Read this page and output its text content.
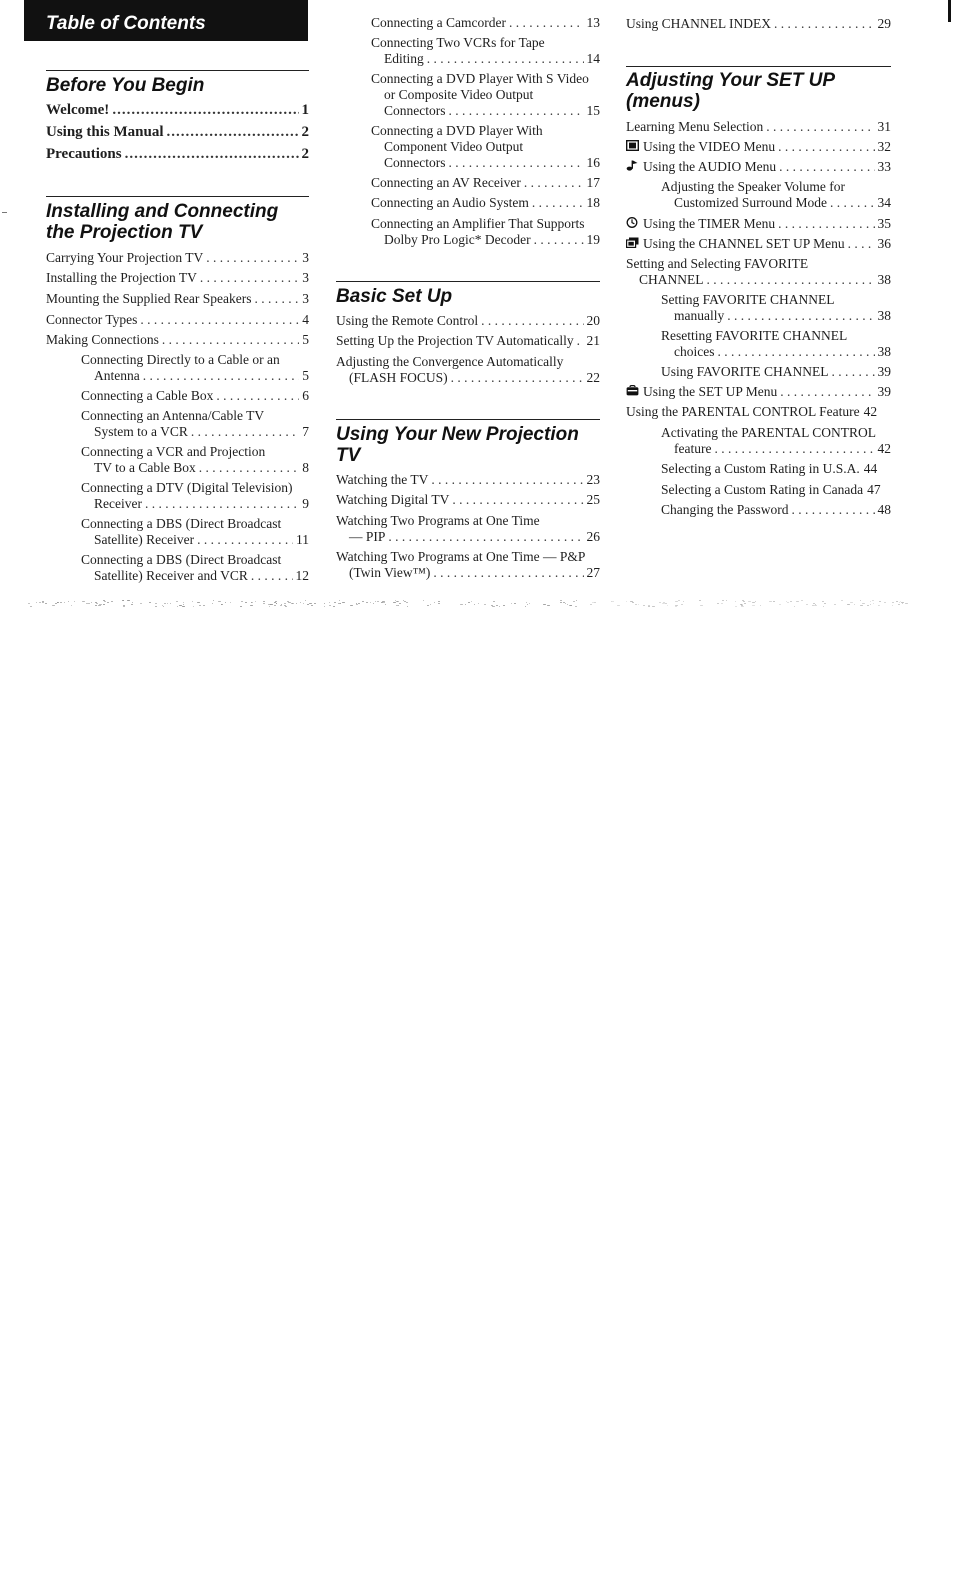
Table of Contents
Before You Begin
Welcome! .....	1
Using this Manual .....	2
Precautions .....	2
Installing and Connecting
the Projection TV
Carrying Your Projection TV . . .	3
Installing the Projection TV . . .	3
Mounting the Supplied Rear Speakers . . .	3
Connector Types . . .	4
Making Connections . . .	5
Connecting Directly to a Cable or an
Antenna . . .	5
Connecting a Cable Box . . .	6
Connecting an Antenna/Cable TV
System to a VCR . . .	7
Connecting a VCR and Projection
TV to a Cable Box . . .	8
Connecting a DTV (Digital Television)
Receiver . . .	9
Connecting a DBS (Direct Broadcast
Satellite) Receiver . . .	11
Connecting a DBS (Direct Broadcast
Satellite) Receiver and VCR . . .	12
Connecting a Camcorder . . .	13
Connecting Two VCRs for Tape
Editing . . .	14
Connecting a DVD Player With S Video
or Composite Video Output
Connectors . . .	15
Connecting a DVD Player With
Component Video Output
Connectors . . .	16
Connecting an AV Receiver . . .	17
Connecting an Audio System . . .	18
Connecting an Amplifier That Supports
Dolby Pro Logic* Decoder . . .	19
Basic Set Up
Using the Remote Control . . .	20
Setting Up the Projection TV Automatically . . . 21
Adjusting the Convergence Automatically
(FLASH FOCUS) . . .	22
Using Your New Projection
TV
Watching the TV . . .	23
Watching Digital TV . . .	25
Watching Two Programs at One Time
— PIP . . .	26
Watching Two Programs at One Time — P&P
(Twin View™) . . .	27
Using CHANNEL INDEX . . .	29
Adjusting Your SET UP
(menus)
Learning Menu Selection . . .	31
Using the VIDEO Menu . . .	32
Using the AUDIO Menu . . .	33
Adjusting the Speaker Volume for
Customized Surround Mode . . .	34
Using the TIMER Menu . . .	35
Using the CHANNEL SET UP Menu . . . 36
Setting and Selecting FAVORITE
CHANNEL . . .	38
Setting FAVORITE CHANNEL
manually . . .	38
Resetting FAVORITE CHANNEL
choices . . .	38
Using FAVORITE CHANNEL . . .	39
Using the SET UP Menu . . .	39
Using the PARENTAL CONTROL Feature 42
Activating the PARENTAL CONTROL
feature . . .	42
Selecting a Custom Rating in U.S.A. 44
Selecting a Custom Rating in Canada 47
Changing the Password . . .	48
